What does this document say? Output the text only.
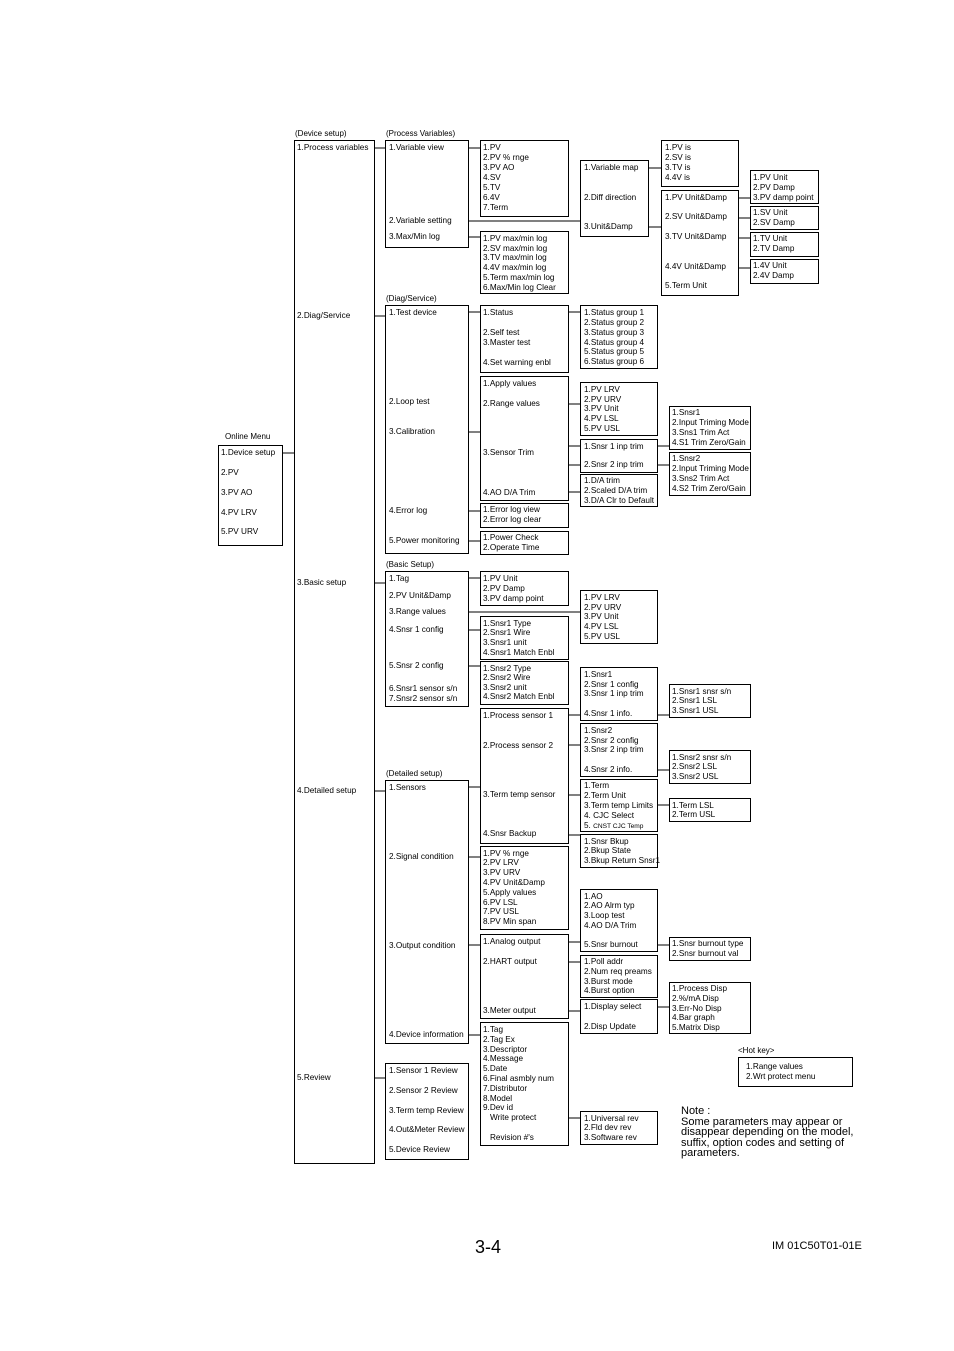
Online Menu
(Device setup)	(Process Variables)
(Diag/Service)
(Basic Setup)
(Detailed setup)
<Hot key>
1.Device setup
2.PV
3.PV AO
4.PV LRV
5.PV URV
1.Process variables
2.Diag/Service
3.Basic setup
4.Detailed setup
5.Review
1.Variable view
2.Variable setting
3.Max/Min log
1.PV
2.PV % rnge
3.PV AO
4.SV
5.TV
6.4V
7.Term
1.PV max/min log
2.SV max/min log
3.TV max/min log
4.4V max/min log
5.Term max/min log
6.Max/Min log Clear
1.Variable map
2.Diff direction
3.Unit&Damp
1.PV is
2.SV is
3.TV is
4.4V is
1.PV Unit&Damp
2.SV Unit&Damp
3.TV Unit&Damp
4.4V Unit&Damp
5.Term Unit
1.PV Unit
2.PV Damp
3.PV damp point
1.SV Unit
2.SV Damp
1.TV Unit
2.TV Damp
1.4V Unit
2.4V Damp
1.Test device
2.Loop test
3.Calibration
4.Error log
5.Power monitoring
1.Status
2.Self test
3.Master test
4.Set warning enbl
1.Status group 1
2.Status group 2
3.Status group 3
4.Status group 4
5.Status group 5
6.Status group 6
1.Apply values
2.Range values
3.Sensor Trim
4.AO D/A Trim
1.PV LRV
2.PV URV
3.PV Unit
4.PV LSL
5.PV USL
1.Snsr 1 inp trim
2.Snsr 2 inp trim
1.Snsr1
2.Input Triming Mode
3.Sns1 Trim Act
4.S1 Trim Zero/Gain
1.Snsr2
2.Input Triming Mode
3.Sns2 Trim Act
4.S2 Trim Zero/Gain
1.D/A trim
2.Scaled D/A trim
3.D/A Clr to Default
1.Error log view
2.Error log clear
1.Power Check
2.Operate Time
1.Tag
2.PV Unit&Damp
3.Range values
4.Snsr 1 config
5.Snsr 2 config
6.Snsr1 sensor s/n
7.Snsr2 sensor s/n
1.PV Unit
2.PV Damp
3.PV damp point	1.PV LRV
2.PV URV
3.PV Unit
4.PV LSL
5.PV USL
1.Snsr1 Type
2.Snsr1 Wire
3.Snsr1 unit
4.Snsr1 Match Enbl
1.Snsr2 Type
2.Snsr2 Wire
3.Snsr2 unit
4.Snsr2 Match Enbl
1.Sensors
2.Signal condition
3.Output condition
4.Device information
1.Process sensor 1
2.Process sensor 2
3.Term temp sensor
4.Snsr Backup
1.Snsr1
2.Snsr 1 config
3.Snsr 1 inp trim
4.Snsr 1 info.
1.Snsr1 snsr s/n
2.Snsr1 LSL
3.Snsr1 USL
1.Snsr2
2.Snsr 2 config
3.Snsr 2 inp trim
4.Snsr 2 info.
1.Snsr2 snsr s/n
2.Snsr2 LSL
3.Snsr2 USL
1.Term
2.Term Unit
3.Term temp Limits
4. CJC Select
5. CNST CJC Temp
1.Term LSL
2.Term USL
1.Snsr Bkup
2.Bkup State
3.Bkup Return Snsr1
1.PV % rnge
2.PV LRV
3.PV URV
4.PV Unit&Damp
5.Apply values
6.PV LSL
7.PV USL
8.PV Min span
1.Analog output
2.HART output
3.Meter output
1.AO
2.AO Alrm typ
3.Loop test
4.AO D/A Trim
5.Snsr burnout	1.Snsr burnout type
2.Snsr burnout val
1.Poll addr
2.Num req preams
3.Burst mode
4.Burst option
1.Display select
2.Disp Update
1.Process Disp
2.%/mA Disp
3.Err-No Disp
4.Bar graph
5.Matrix Disp
1.Tag
2.Tag Ex
3.Descriptor
4.Message
5.Date
6.Final asmbly num
7.Distributor
8.Model
9.Dev id
Write protect
Revision #'s
1.Universal rev
2.Fld dev rev
3.Software rev
1.Sensor 1 Review
2.Sensor 2 Review
3.Term temp Review
4.Out&Meter Review
5.Device Review
1.Range values
2.Wrt protect menu
Note :
Some parameters may appear or
disappear depending on the model,
suffix, option codes and setting of
parameters.
3-4	IM 01C50T01-01E
